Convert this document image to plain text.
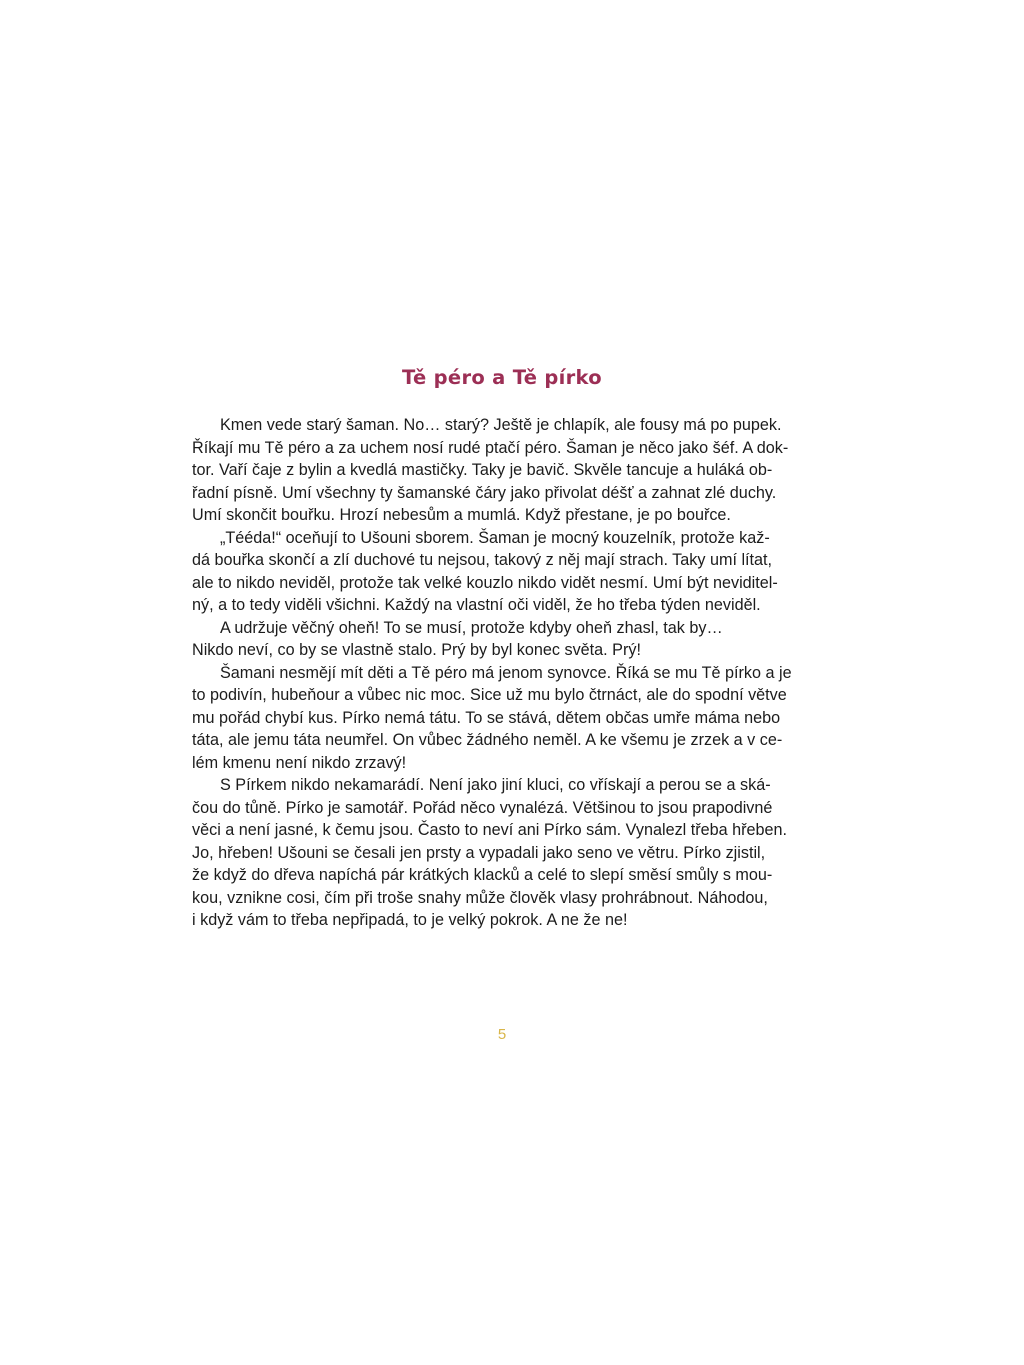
Tě péro a Tě pírko
Kmen vede starý šaman. No… starý? Ještě je chlapík, ale fousy má po pupek.
Říkají mu Tě péro a za uchem nosí rudé ptačí péro. Šaman je něco jako šéf. A dok-
tor. Vaří čaje z bylin a kvedlá mastičky. Taky je bavič. Skvěle tancuje a huláká ob-
řadní písně. Umí všechny ty šamanské čáry jako přivolat déšť a zahnat zlé duchy.
Umí skončit bouřku. Hrozí nebesům a mumlá. Když přestane, je po bouřce.
„Tééda!“ oceňují to Ušouni sborem. Šaman je mocný kouzelník, protože kaž-
dá bouřka skončí a zlí duchové tu nejsou, takový z něj mají strach. Taky umí lítat,
ale to nikdo neviděl, protože tak velké kouzlo nikdo vidět nesmí. Umí být neviditel-
ný, a to tedy viděli všichni. Každý na vlastní oči viděl, že ho třeba týden neviděl.
A udržuje věčný oheň! To se musí, protože kdyby oheň zhasl, tak by…
Nikdo neví, co by se vlastně stalo. Prý by byl konec světa. Prý!
Šamani nesmějí mít děti a Tě péro má jenom synovce. Říká se mu Tě pírko a je
to podivín, hubeňour a vůbec nic moc. Sice už mu bylo čtrnáct, ale do spodní větve
mu pořád chybí kus. Pírko nemá tátu. To se stává, dětem občas umře máma nebo
táta, ale jemu táta neumřel. On vůbec žádného neměl. A ke všemu je zrzek a v ce-
lém kmenu není nikdo zrzavý!
S Pírkem nikdo nekamarádí. Není jako jiní kluci, co vřískají a perou se a ská-
čou do tůně. Pírko je samotář. Pořád něco vynalézá. Většinou to jsou prapodivné
věci a není jasné, k čemu jsou. Často to neví ani Pírko sám. Vynalezl třeba hřeben.
Jo, hřeben! Ušouni se česali jen prsty a vypadali jako seno ve větru. Pírko zjistil,
že když do dřeva napíchá pár krátkých klacků a celé to slepí směsí smůly s mou-
kou, vznikne cosi, čím při troše snahy může člověk vlasy prohrábnout. Náhodou,
i když vám to třeba nepřipadá, to je velký pokrok. A ne že ne!
5
